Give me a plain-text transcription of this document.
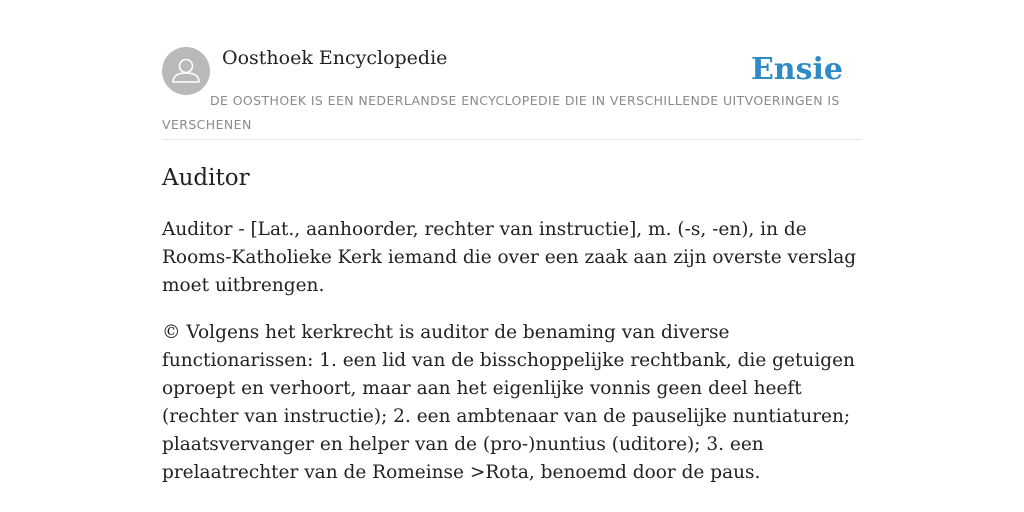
Oosthoek Encyclopedie	Ensie
DE OOSTHOEK IS EEN NEDERLANDSE ENCYCLOPEDIE DIE IN VERSCHILLENDE UITVOERINGEN IS VERSCHENEN
Auditor

Auditor - [Lat., aanhoorder, rechter van instructie], m. (-s, -en), in de Rooms-Katholieke Kerk iemand die over een zaak aan zijn overste verslag moet uitbrengen.

© Volgens het kerkrecht is auditor de benaming van diverse functionarissen: 1. een lid van de bisschoppelijke rechtbank, die getuigen oproept en verhoort, maar aan het eigenlijke vonnis geen deel heeft (rechter van instructie); 2. een ambtenaar van de pauselijke nuntiaturen; plaatsvervanger en helper van de (pro-)nuntius (uditore); 3. een prelaatrechter van de Romeinse >Rota, benoemd door de paus.
